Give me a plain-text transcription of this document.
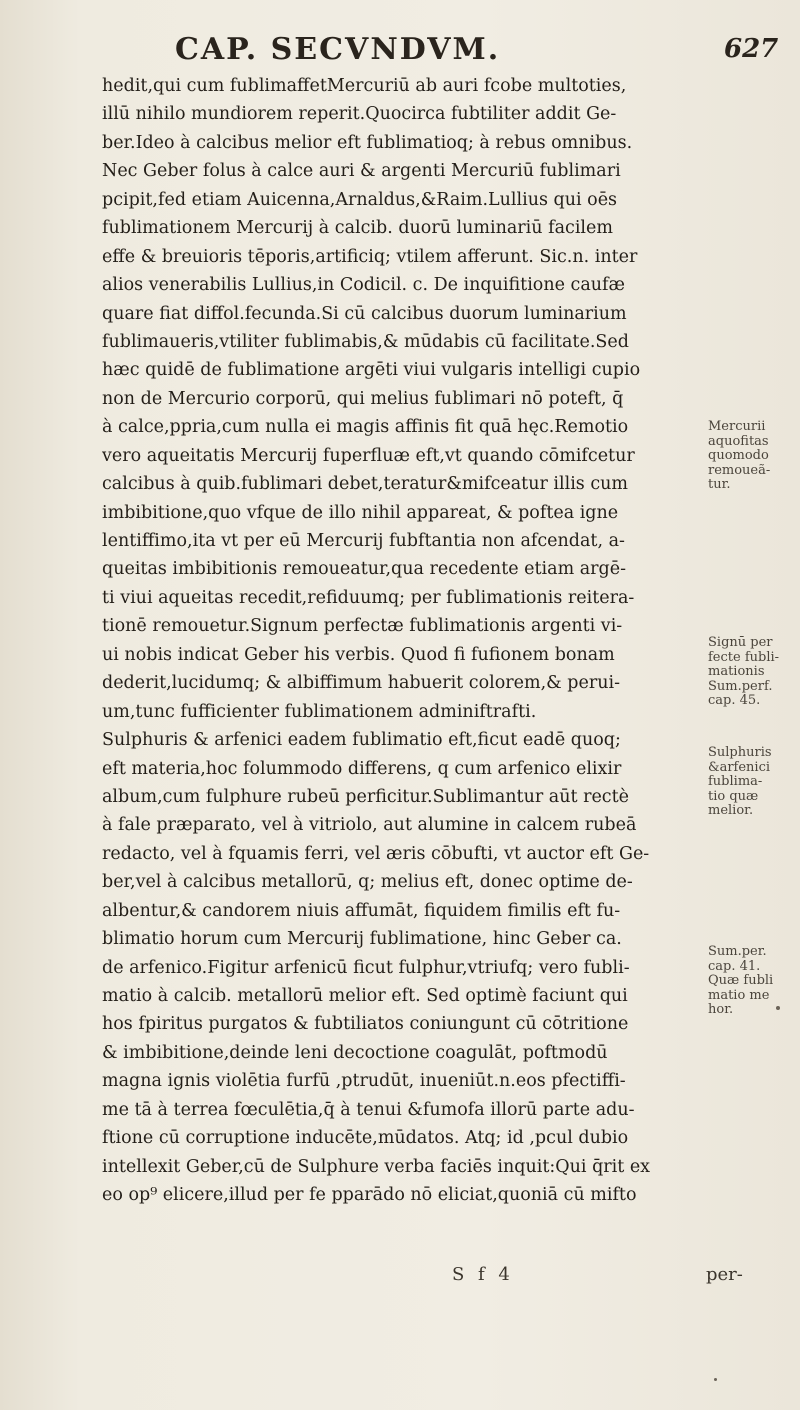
CAP. SECVNDVM.	627
hedit,qui cum fublimaffetMercuriū ab auri fcobe multoties,
illū nihilo mundiorem reperit.Quocirca fubtiliter addit Ge-
ber.Ideo à calcibus melior eft fublimatioq; à rebus omnibus.
Nec Geber folus à calce auri & argenti Mercuriū fublimari
pcipit,fed etiam Auicenna,Arnaldus,&Raim.Lullius qui oēs
fublimationem Mercurij à calcib. duorū luminariū facilem
effe & breuioris tēporis,artificiq; vtilem afferunt. Sic.n. inter
alios venerabilis Lullius,in Codicil. c. De inquifitione caufæ
quare fiat diffol.fecunda.Si cū calcibus duorum luminarium
fublimaueris,vtiliter fublimabis,& mūdabis cū facilitate.Sed
hæc quidē de fublimatione argēti viui vulgaris intelligi cupio
non de Mercurio corporū, qui melius fublimari nō poteft, q̄
à calce,ppria,cum nulla ei magis affinis fit quā hęc.Remotio
vero aqueitatis Mercurij fuperfluæ eft,vt quando cōmifcetur
calcibus à quib.fublimari debet,teratur&mifceatur illis cum
imbibitione,quo vfque de illo nihil appareat, & poftea igne
lentiffimo,ita vt per eū Mercurij fubftantia non afcendat, a-
queitas imbibitionis remoueatur,qua recedente etiam argē-
ti viui aqueitas recedit,refiduumq; per fublimationis reitera-
tionē remouetur.Signum perfectæ fublimationis argenti vi-
ui nobis indicat Geber his verbis. Quod fi fufionem bonam
dederit,lucidumq; & albiffimum habuerit colorem,& perui-
um,tunc fufficienter fublimationem adminiftrafti.
Sulphuris & arfenici eadem fublimatio eft,ficut eadē quoq;
eft materia,hoc folummodo differens, q cum arfenico elixir
album,cum fulphure rubeū perficitur.Sublimantur aūt rectè
à fale præparato, vel à vitriolo, aut alumine in calcem rubeā
redacto, vel à fquamis ferri, vel æris cōbufti, vt auctor eft Ge-
ber,vel à calcibus metallorū, q; melius eft, donec optime de-
albentur,& candorem niuis affumāt, fiquidem fimilis eft fu-
blimatio horum cum Mercurij fublimatione, hinc Geber ca.
de arfenico.Figitur arfenicū ficut fulphur,vtriufq; vero fubli-
matio à calcib. metallorū melior eft. Sed optimè faciunt qui
hos fpiritus purgatos & fubtiliatos coniungunt cū cōtritione
& imbibitione,deinde leni decoctione coagulāt, poftmodū
magna ignis violētia furfū ,ptrudūt, inueniūt.n.eos pfectiffi-
me tā à terrea fœculētia,q̄ à tenui &fumofa illorū parte adu-
ftione cū corruptione inducēte,mūdatos. Atq; id ,pcul dubio
intellexit Geber,cū de Sulphure verba faciēs inquit:Qui q̄rit ex
eo op⁹ elicere,illud per fe pparādo nō eliciat,quoniā cū mifto
Mercurii
aquofitas
quomodo
remoueã-
tur.
Signū per
fecte fubli-
mationis
Sum.perf.
cap. 45.
Sulphuris
&arfenici
fublima-
tio quæ
melior.
Sum.per.
cap. 41.
Quæ fubli
matio me
hor.
S f 4	per-
